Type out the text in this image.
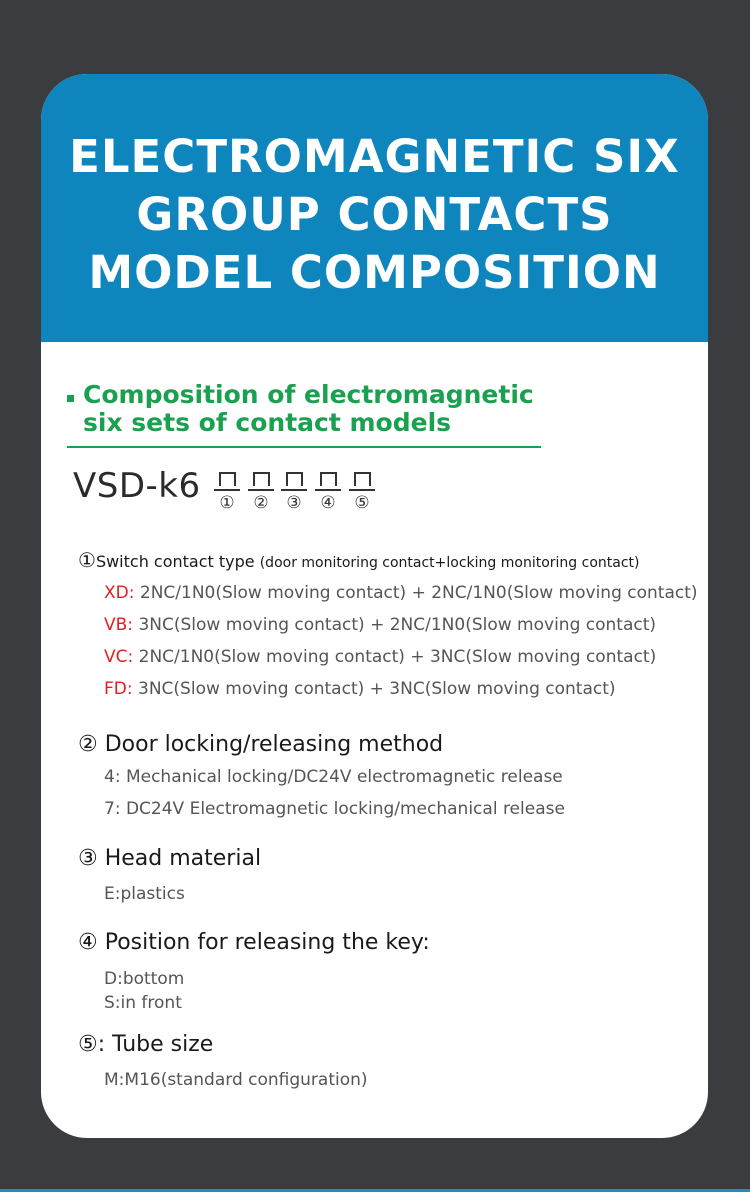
ELECTROMAGNETIC SIX
GROUP CONTACTS
MODEL COMPOSITION
Composition of electromagnetic
six sets of contact models
VSD-k6	①	②	③	④	⑤
①Switch contact type (door monitoring contact+locking monitoring contact)
XD: 2NC/1N0(Slow moving contact) + 2NC/1N0(Slow moving contact)
VB: 3NC(Slow moving contact) + 2NC/1N0(Slow moving contact)
VC: 2NC/1N0(Slow moving contact) + 3NC(Slow moving contact)
FD: 3NC(Slow moving contact) + 3NC(Slow moving contact)
② Door locking/releasing method
4: Mechanical locking/DC24V electromagnetic release
7: DC24V Electromagnetic locking/mechanical release
③ Head material
E:plastics
④ Position for releasing the key:
D:bottom
S:in front
⑤: Tube size
M:M16(standard configuration)
